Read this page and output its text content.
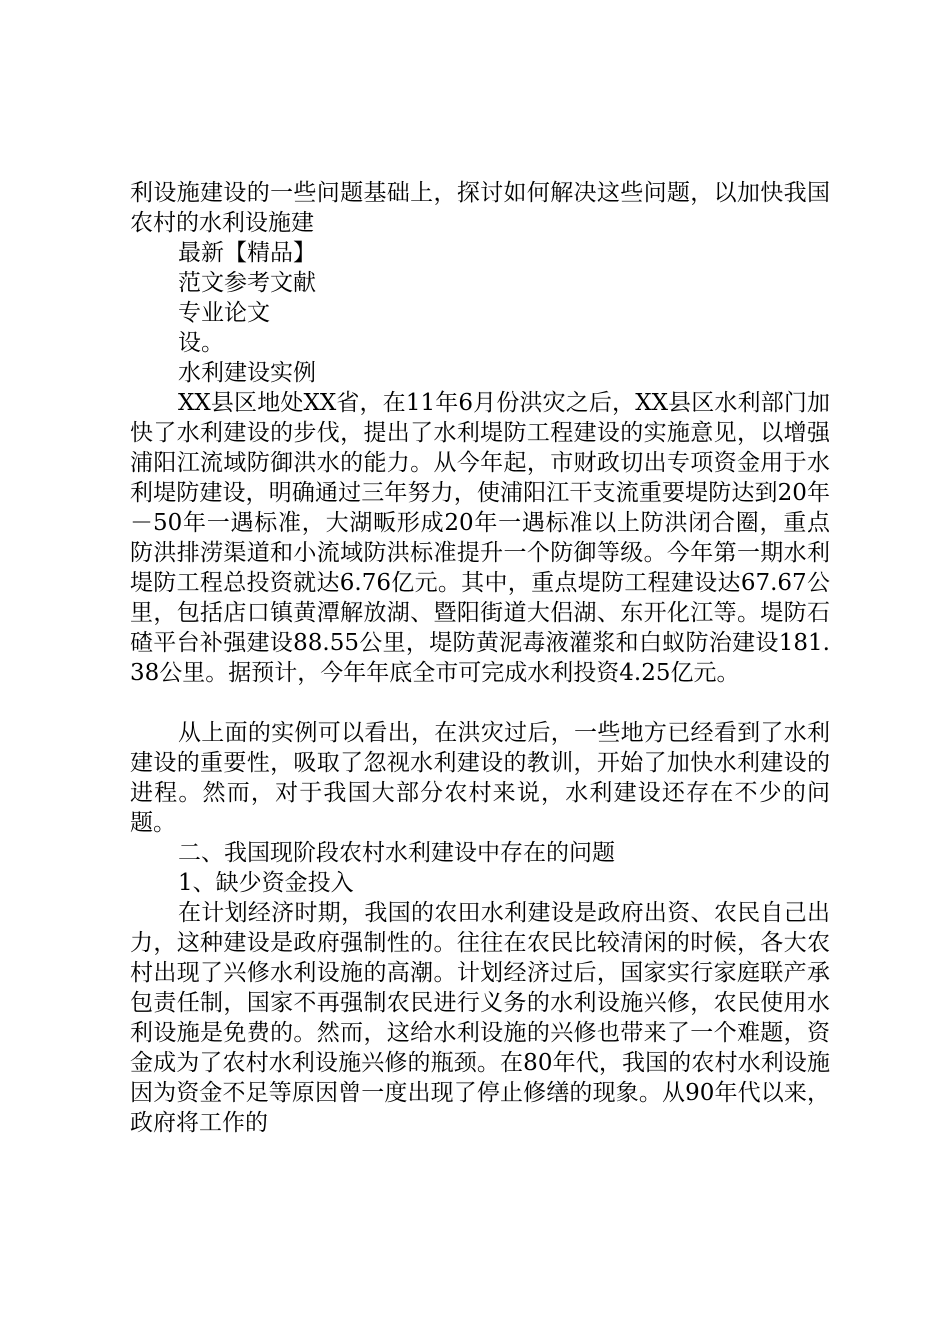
利设施建设的一些问题基础上，探讨如何解决这些问题，以加快我国农村的水利设施建

最新【精品】

范文参考文献

专业论文

设。

水利建设实例

XX县区地处XX省，在11年6月份洪灾之后，XX县区水利部门加快了水利建设的步伐，提出了水利堤防工程建设的实施意见，以增强浦阳江流域防御洪水的能力。从今年起，市财政切出专项资金用于水利堤防建设，明确通过三年努力，使浦阳江干支流重要堤防达到20年－50年一遇标准，大湖畈形成20年一遇标准以上防洪闭合圈，重点防洪排涝渠道和小流域防洪标准提升一个防御等级。今年第一期水利堤防工程总投资就达6.76亿元。其中，重点堤防工程建设达67.67公里，包括店口镇黄潭解放湖、暨阳街道大侣湖、东开化江等。堤防石碴平台补强建设88.55公里，堤防黄泥毒液灌浆和白蚁防治建设181.38公里。据预计，今年年底全市可完成水利投资4.25亿元。

从上面的实例可以看出，在洪灾过后，一些地方已经看到了水利建设的重要性，吸取了忽视水利建设的教训，开始了加快水利建设的进程。然而，对于我国大部分农村来说，水利建设还存在不少的问题。

二、我国现阶段农村水利建设中存在的问题

1、缺少资金投入

在计划经济时期，我国的农田水利建设是政府出资、农民自己出力，这种建设是政府强制性的。往往在农民比较清闲的时候，各大农村出现了兴修水利设施的高潮。计划经济过后，国家实行家庭联产承包责任制，国家不再强制农民进行义务的水利设施兴修，农民使用水利设施是免费的。然而，这给水利设施的兴修也带来了一个难题，资金成为了农村水利设施兴修的瓶颈。在80年代，我国的农村水利设施因为资金不足等原因曾一度出现了停止修缮的现象。从90年代以来，政府将工作的
